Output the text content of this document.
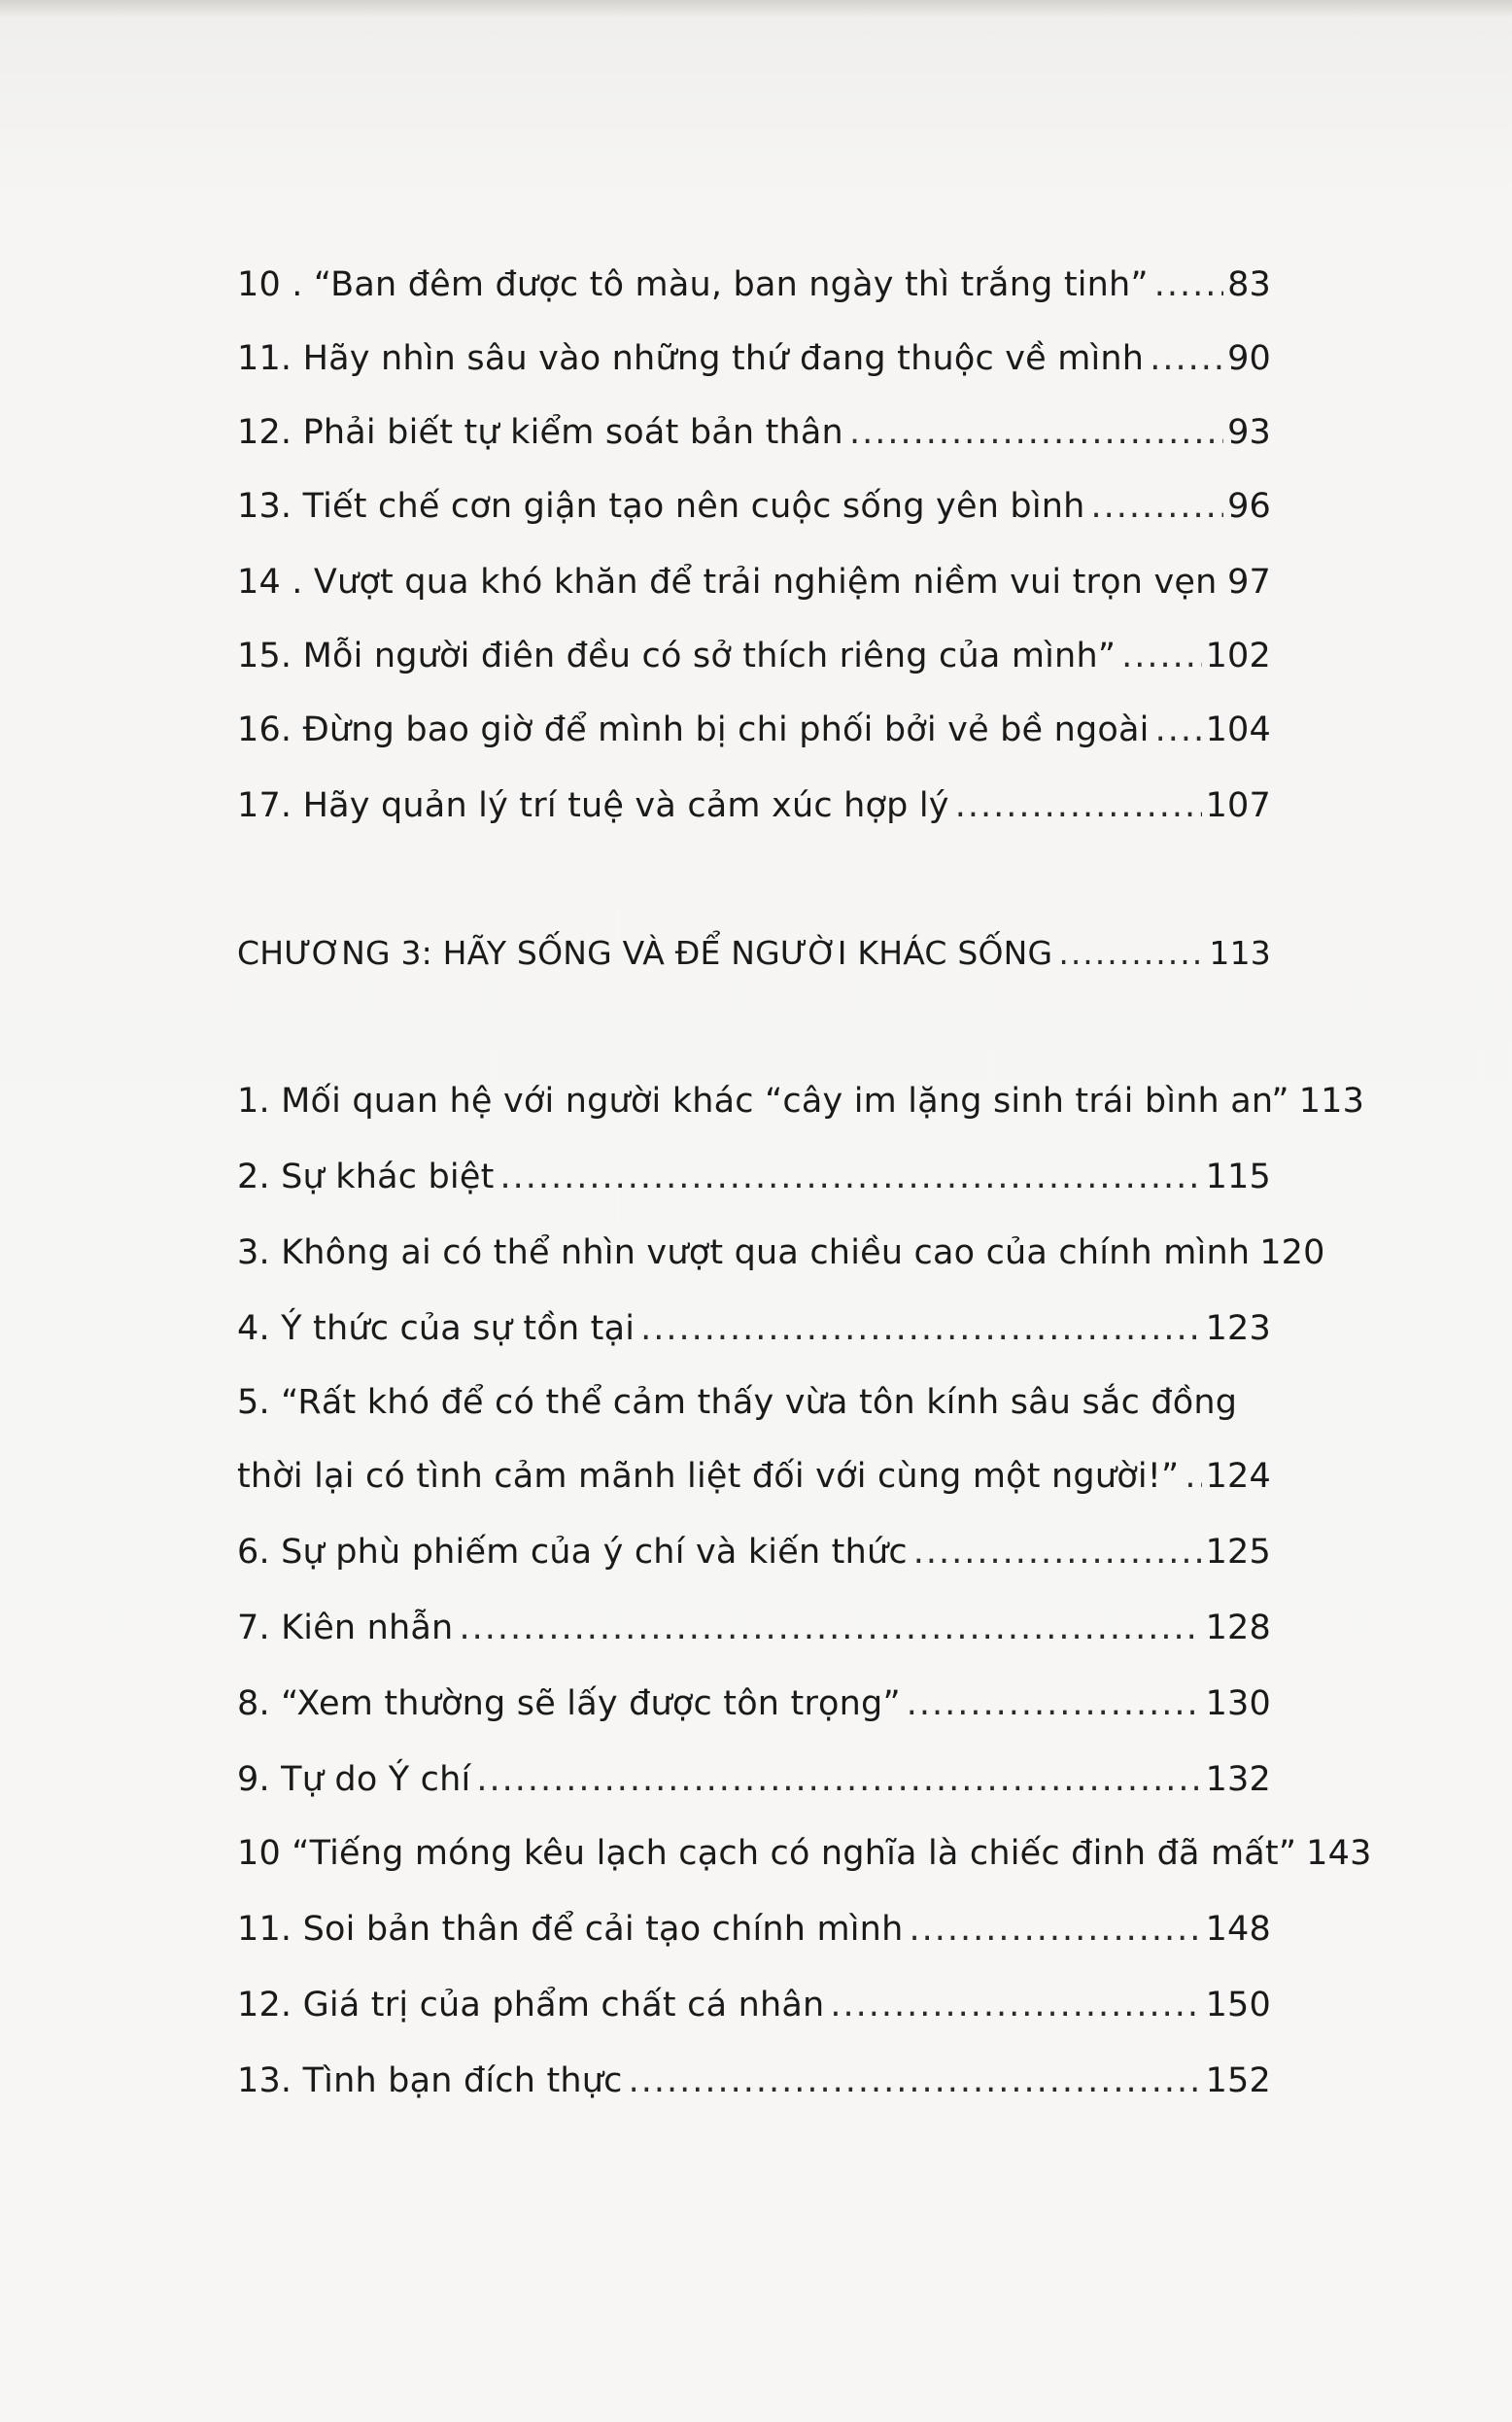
10 . “Ban đêm được tô màu, ban ngày thì trắng tinh” ..... 83
11. Hãy nhìn sâu vào những thứ đang thuộc về mình ..... 90
12. Phải biết tự kiểm soát bản thân .....	93
13. Tiết chế cơn giận tạo nên cuộc sống yên bình .....	96
14 . Vượt qua khó khăn để trải nghiệm niềm vui trọn vẹn ..... 97
15. Mỗi người điên đều có sở thích riêng của mình” .....	102
16. Đừng bao giờ để mình bị chi phối bởi vẻ bề ngoài ..... 104
17. Hãy quản lý trí tuệ và cảm xúc hợp lý .....	107
CHƯƠNG 3: HÃY SỐNG VÀ ĐỂ NGƯỜI KHÁC SỐNG .....	113
1. Mối quan hệ với người khác “cây im lặng sinh trái bình an” 113
2. Sự khác biệt .....	115
3. Không ai có thể nhìn vượt qua chiều cao của chính mình 120
4. Ý thức của sự tồn tại .....	123
5. “Rất khó để có thể cảm thấy vừa tôn kính sâu sắc đồng
thời lại có tình cảm mãnh liệt đối với cùng một người!” ..... 124
6. Sự phù phiếm của ý chí và kiến thức .....	125
7. Kiên nhẫn .....	128
8. “Xem thường sẽ lấy được tôn trọng” .....	130
9. Tự do Ý chí .....	132
10 “Tiếng móng kêu lạch cạch có nghĩa là chiếc đinh đã mất” 143
11. Soi bản thân để cải tạo chính mình .....	148
12. Giá trị của phẩm chất cá nhân .....	150
13. Tình bạn đích thực .....	152
